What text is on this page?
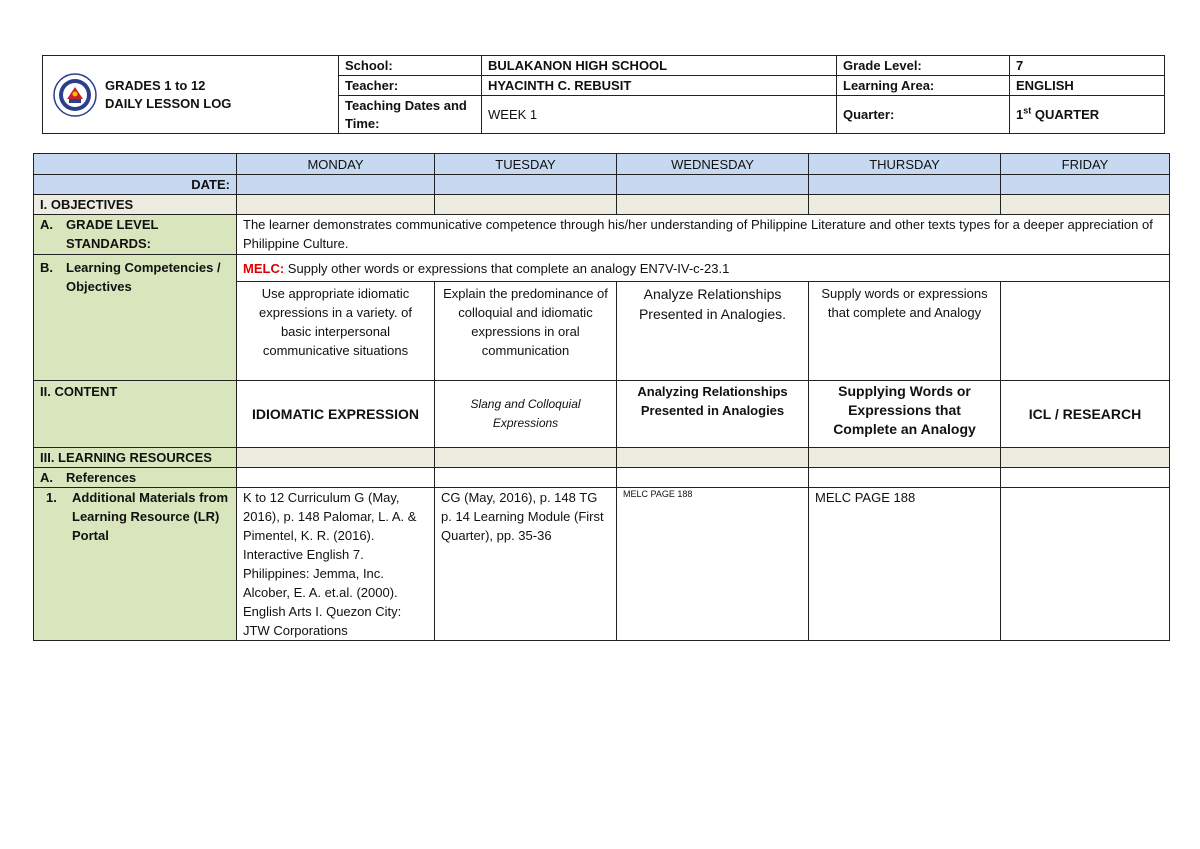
GRADES 1 to 12
DAILY LESSON LOG	School:	BULAKANON HIGH SCHOOL	Grade Level:	7
	Teacher:	HYACINTH C. REBUSIT	Learning Area:	ENGLISH
	Teaching Dates and Time:	WEEK 1	Quarter:	1st QUARTER
	MONDAY	TUESDAY	WEDNESDAY	THURSDAY	FRIDAY
DATE:					
I. OBJECTIVES					

A. GRADE LEVEL STANDARDS:	The learner demonstrates communicative competence through his/her understanding of Philippine Literature and other texts types for a deeper appreciation of Philippine Culture.				

B. Learning Competencies / Objectives	MELC: Supply other words or expressions that complete an analogy EN7V-IV-c-23.1				
	Use appropriate idiomatic expressions in a variety. of basic interpersonal communicative situations	Explain the predominance of colloquial and idiomatic expressions in oral communication	Analyze Relationships Presented in Analogies.	Supply words or expressions that complete and Analogy	
II. CONTENT	IDIOMATIC EXPRESSION	Slang and Colloquial Expressions	Analyzing Relationships Presented in Analogies	Supplying Words or Expressions that Complete an Analogy	ICL / RESEARCH
III. LEARNING RESOURCES					

A. References					

1. Additional Materials from Learning Resource (LR) Portal	K to 12 Curriculum G (May, 2016), p. 148 Palomar, L. A. & Pimentel, K. R. (2016). Interactive English 7. Philippines: Jemma, Inc. Alcober, E. A. et.al. (2000). English Arts I. Quezon City: JTW Corporations	CG (May, 2016), p. 148 TG p. 14 Learning Module (First Quarter), pp. 35-36	MELC PAGE 188	MELC PAGE 188	
